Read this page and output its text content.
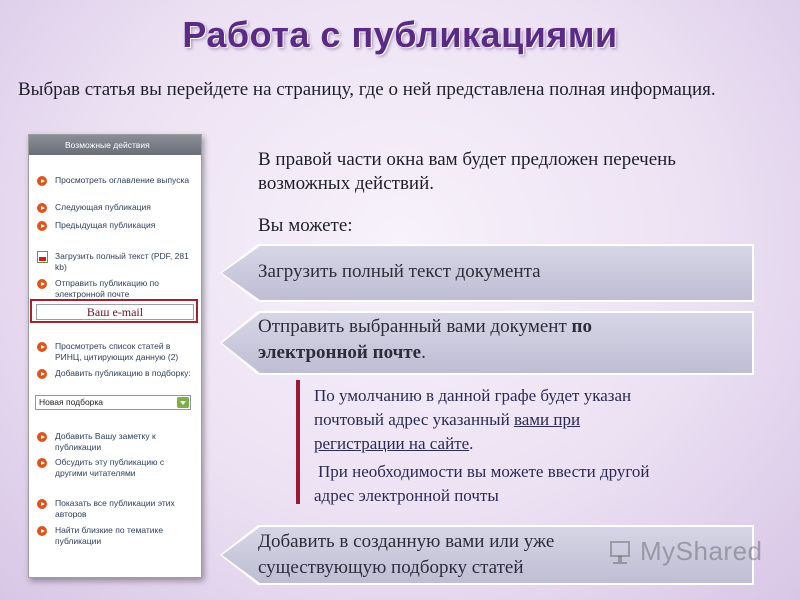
Работа с публикациями
Выбрав статья вы перейдете на страницу, где о ней представлена полная информация.
Возможные действия
Просмотреть оглавление выпуска
Следующая публикация
Предыдущая публикация
Загрузить полный текст (PDF, 281 kb)
Отправить публикацию по электронной почте
Ваш e-mail
Просмотреть список статей в РИНЦ, цитирующих данную (2)
Добавить публикацию в подборку:
Новая подборка
Добавить Вашу заметку к публикации
Обсудить эту публикацию с другими читателями
Показать все публикации этих авторов
Найти близкие по тематике публикации
В правой части окна вам будет предложен перечень возможных действий.
Вы можете:
Загрузить полный текст документа
Отправить выбранный вами документ по
электронной почте.
По умолчанию в данной графе будет указан
почтовый адрес указанный вами при
регистрации на сайте.
При необходимости вы можете ввести другой
адрес электронной почты
Добавить в созданную вами или уже
существующую подборку статей
MyShared
